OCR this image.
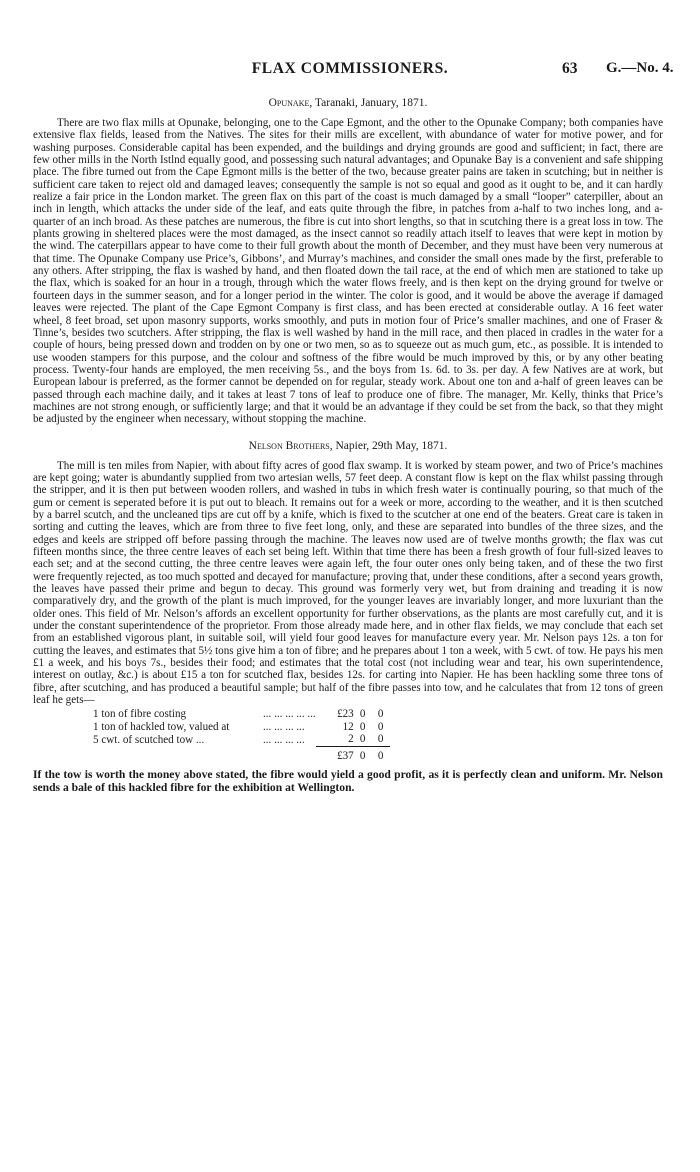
FLAX COMMISSIONERS.	63 G.—No. 4.
Opunake, Taranaki, January, 1871.

There are two flax mills at Opunake, belonging, one to the Cape Egmont, and the other to the Opunake Company; both companies have extensive flax fields, leased from the Natives. The sites for their mills are excellent, with abundance of water for motive power, and for washing purposes. Considerable capital has been expended, and the buildings and drying grounds are good and sufficient; in fact, there are few other mills in the North Istlnd equally good, and possessing such natural advantages; and Opunake Bay is a convenient and safe shipping place. The fibre turned out from the Cape Egmont mills is the better of the two, because greater pains are taken in scutching; but in neither is sufficient care taken to reject old and damaged leaves; consequently the sample is not so equal and good as it ought to be, and it can hardly realize a fair price in the London market. The green flax on this part of the coast is much damaged by a small “looper” caterpiller, about an inch in length, which attacks the under side of the leaf, and eats quite through the fibre, in patches from a-half to two inches long, and a-quarter of an inch broad. As these patches are numerous, the fibre is cut into short lengths, so that in scutching there is a great loss in tow. The plants growing in sheltered places were the most damaged, as the insect cannot so readily attach itself to leaves that were kept in motion by the wind. The caterpillars appear to have come to their full growth about the month of December, and they must have been very numerous at that time. The Opunake Company use Price’s, Gibbons’, and Murray’s machines, and consider the small ones made by the first, preferable to any others. After stripping, the flax is washed by hand, and then floated down the tail race, at the end of which men are stationed to take up the flax, which is soaked for an hour in a trough, through which the water flows freely, and is then kept on the drying ground for twelve or fourteen days in the summer season, and for a longer period in the winter. The color is good, and it would be above the average if damaged leaves were rejected. The plant of the Cape Egmont Company is first class, and has been erected at considerable outlay. A 16 feet water wheel, 8 feet broad, set upon masonry supports, works smoothly, and puts in motion four of Price’s smaller machines, and one of Fraser & Tinne’s, besides two scutchers. After stripping, the flax is well washed by hand in the mill race, and then placed in cradles in the water for a couple of hours, being pressed down and trodden on by one or two men, so as to squeeze out as much gum, etc., as possible. It is intended to use wooden stampers for this purpose, and the colour and softness of the fibre would be much improved by this, or by any other beating process. Twenty-four hands are employed, the men receiving 5s., and the boys from 1s. 6d. to 3s. per day. A few Natives are at work, but European labour is preferred, as the former cannot be depended on for regular, steady work. About one ton and a-half of green leaves can be passed through each machine daily, and it takes at least 7 tons of leaf to produce one of fibre. The manager, Mr. Kelly, thinks that Price’s machines are not strong enough, or sufficiently large; and that it would be an advantage if they could be set from the back, so that they might be adjusted by the engineer when necessary, without stopping the machine.

Nelson Brothers, Napier, 29th May, 1871.

The mill is ten miles from Napier, with about fifty acres of good flax swamp. It is worked by steam power, and two of Price’s machines are kept going; water is abundantly supplied from two artesian wells, 57 feet deep. A constant flow is kept on the flax whilst passing through the stripper, and it is then put between wooden rollers, and washed in tubs in which fresh water is continually pouring, so that much of the gum or cement is seperated before it is put out to bleach. It remains out for a week or more, according to the weather, and it is then scutched by a barrel scutch, and the uncleaned tips are cut off by a knife, which is fixed to the scutcher at one end of the beaters. Great care is taken in sorting and cutting the leaves, which are from three to five feet long, only, and these are separated into bundles of the three sizes, and the edges and keels are stripped off before passing through the machine. The leaves now used are of twelve months growth; the flax was cut fifteen months since, the three centre leaves of each set being left. Within that time there has been a fresh growth of four full-sized leaves to each set; and at the second cutting, the three centre leaves were again left, the four outer ones only being taken, and of these the two first were frequently rejected, as too much spotted and decayed for manufacture; proving that, under these conditions, after a second years growth, the leaves have passed their prime and begun to decay. This ground was formerly very wet, but from draining and treading it is now comparatively dry, and the growth of the plant is much improved, for the younger leaves are invariably longer, and more luxuriant than the older ones. This field of Mr. Nelson’s affords an excellent opportunity for further observations, as the plants are most carefully cut, and it is under the constant superintendence of the proprietor. From those already made here, and in other flax fields, we may conclude that each set from an established vigorous plant, in suitable soil, will yield four good leaves for manufacture every year. Mr. Nelson pays 12s. a ton for cutting the leaves, and estimates that 5½ tons give him a ton of fibre; and he prepares about 1 ton a week, with 5 cwt. of tow. He pays his men £1 a week, and his boys 7s., besides their food; and estimates that the total cost (not including wear and tear, his own superintendence, interest on outlay, &c.) is about £15 a ton for scutched flax, besides 12s. for carting into Napier. He has been hackling some three tons of fibre, after scutching, and has produced a beautiful sample; but half of the fibre passes into tow, and he calculates that from 12 tons of green leaf he gets—

1 ton of fibre costing	... ... ... ... ...	£23	0	0
1 ton of hackled tow, valued at	... ... ... ...	12	0	0
5 cwt. of scutched tow ...	... ... ... ...	2	0	0
		£37	0	0

If the tow is worth the money above stated, the fibre would yield a good profit, as it is perfectly clean and uniform. Mr. Nelson sends a bale of this hackled fibre for the exhibition at Wellington.
